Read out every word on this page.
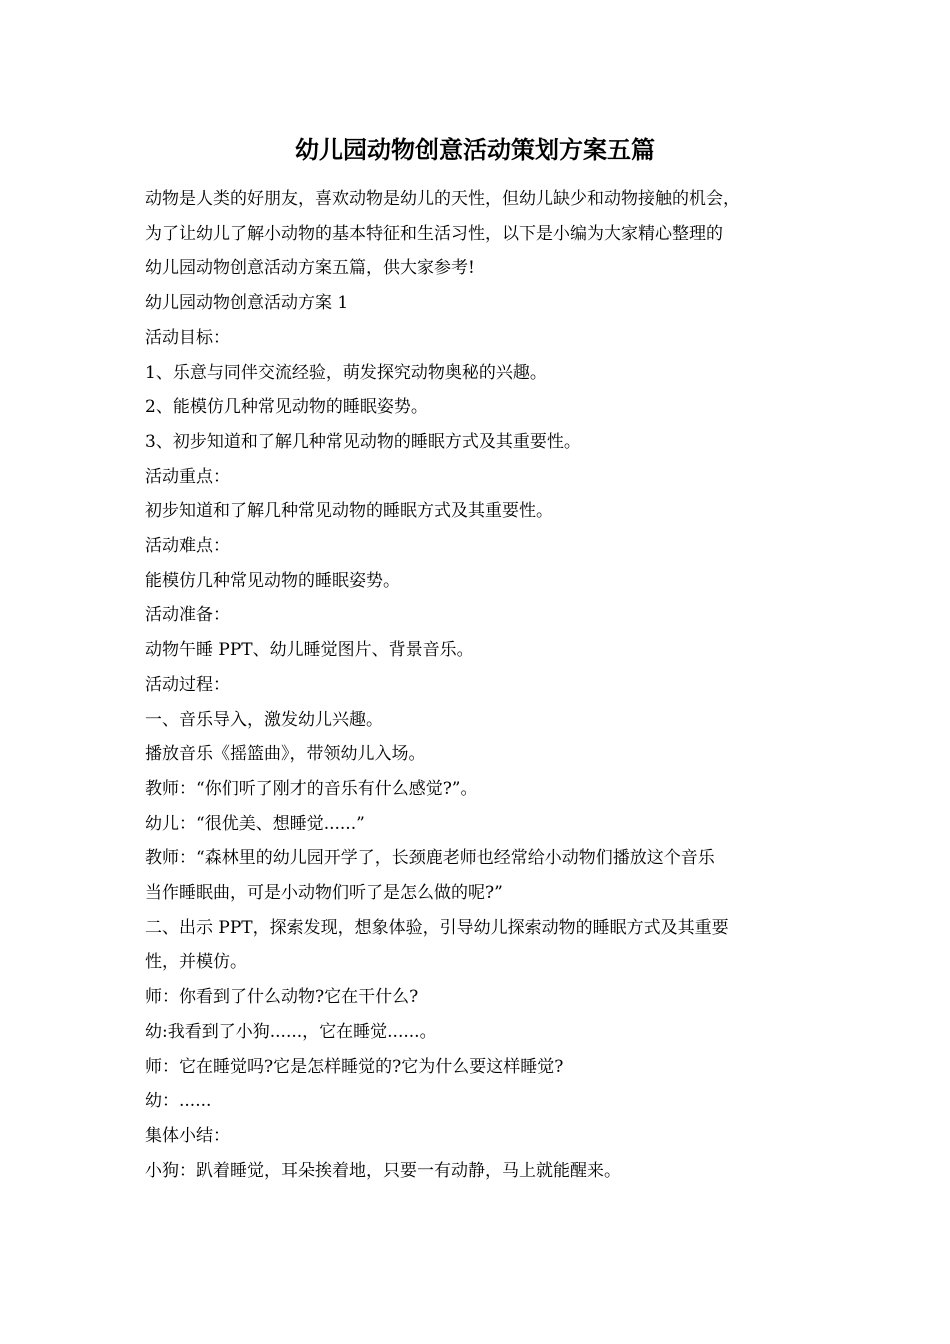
幼儿园动物创意活动策划方案五篇
动物是人类的好朋友，喜欢动物是幼儿的天性，但幼儿缺少和动物接触的机会，
为了让幼儿了解小动物的基本特征和生活习性，以下是小编为大家精心整理的
幼儿园动物创意活动方案五篇，供大家参考!
幼儿园动物创意活动方案 1
活动目标：
1、乐意与同伴交流经验，萌发探究动物奥秘的兴趣。
2、能模仿几种常见动物的睡眠姿势。
3、初步知道和了解几种常见动物的睡眠方式及其重要性。
活动重点：
初步知道和了解几种常见动物的睡眠方式及其重要性。
活动难点：
能模仿几种常见动物的睡眠姿势。
活动准备：
动物午睡 PPT、幼儿睡觉图片、背景音乐。
活动过程：
一、音乐导入，激发幼儿兴趣。
播放音乐《摇篮曲》，带领幼儿入场。
教师：“你们听了刚才的音乐有什么感觉?”。
幼儿：“很优美、想睡觉......”
教师：“森林里的幼儿园开学了，长颈鹿老师也经常给小动物们播放这个音乐
当作睡眠曲，可是小动物们听了是怎么做的呢?”
二、出示 PPT，探索发现，想象体验，引导幼儿探索动物的睡眠方式及其重要
性，并模仿。
师：你看到了什么动物?它在干什么?
幼:我看到了小狗......，它在睡觉......。
师：它在睡觉吗?它是怎样睡觉的?它为什么要这样睡觉?
幼：......
集体小结：
小狗：趴着睡觉，耳朵挨着地，只要一有动静，马上就能醒来。
